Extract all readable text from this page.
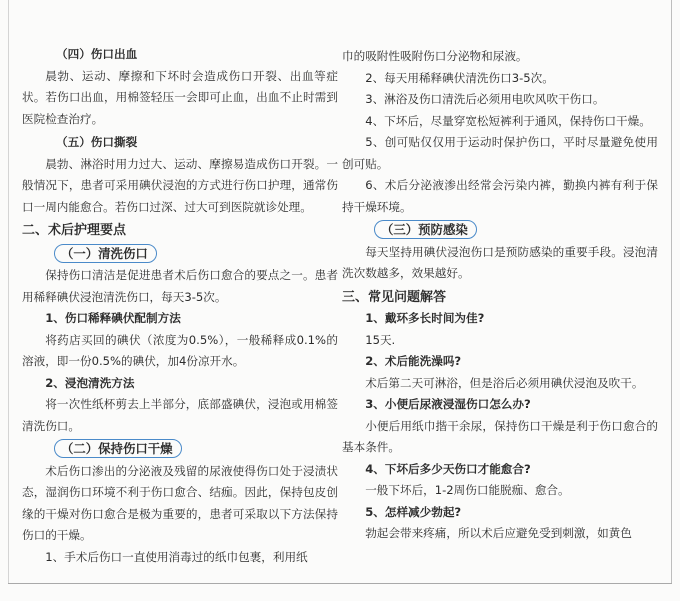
（四）伤口出血

晨勃、运动、摩擦和下坏时会造成伤口开裂、出血等症状。若伤口出血，用棉签轻压一会即可止血，出血不止时需到医院检查治疗。

（五）伤口撕裂

晨勃、淋浴时用力过大、运动、摩擦易造成伤口开裂。一般情况下，患者可采用碘伏浸泡的方式进行伤口护理，通常伤口一周内能愈合。若伤口过深、过大可到医院就诊处理。

二、术后护理要点

（一）清洗伤口

保持伤口清洁是促进患者术后伤口愈合的要点之一。患者用稀释碘伏浸泡清洗伤口，每天3-5次。

1、伤口稀释碘伏配制方法

将药店买回的碘伏（浓度为0.5%），一般稀释成0.1%的溶液，即一份0.5%的碘伏，加4份凉开水。

2、浸泡清洗方法

将一次性纸杯剪去上半部分，底部盛碘伏，浸泡或用棉签清洗伤口。

（二）保持伤口干燥

术后伤口渗出的分泌液及残留的尿液使得伤口处于浸渍状态，湿润伤口环境不利于伤口愈合、结痂。因此，保持包皮创缘的干燥对伤口愈合是极为重要的，患者可采取以下方法保持伤口的干燥。

1、手术后伤口一直使用消毒过的纸巾包裹，利用纸

巾的吸附性吸附伤口分泌物和尿液。

2、每天用稀释碘伏清洗伤口3-5次。

3、淋浴及伤口清洗后必须用电吹风吹干伤口。

4、下坏后，尽量穿宽松短裤利于通风，保持伤口干燥。

5、创可贴仅仅用于运动时保护伤口，平时尽量避免使用创可贴。

6、术后分泌液渗出经常会污染内裤，勤换内裤有利于保持干燥环境。

（三）预防感染

每天坚持用碘伏浸泡伤口是预防感染的重要手段。浸泡清洗次数越多，效果越好。

三、常见问题解答

1、戴环多长时间为佳?

15天.

2、术后能洗澡吗?

术后第二天可淋浴，但是浴后必须用碘伏浸泡及吹干。

3、小便后尿液浸湿伤口怎么办?

小便后用纸巾揩干余尿，保持伤口干燥是利于伤口愈合的基本条件。

4、下坏后多少天伤口才能愈合?

一般下坏后，1-2周伤口能脱痂、愈合。

5、怎样减少勃起?

勃起会带来疼痛，所以术后应避免受到刺激，如黄色
